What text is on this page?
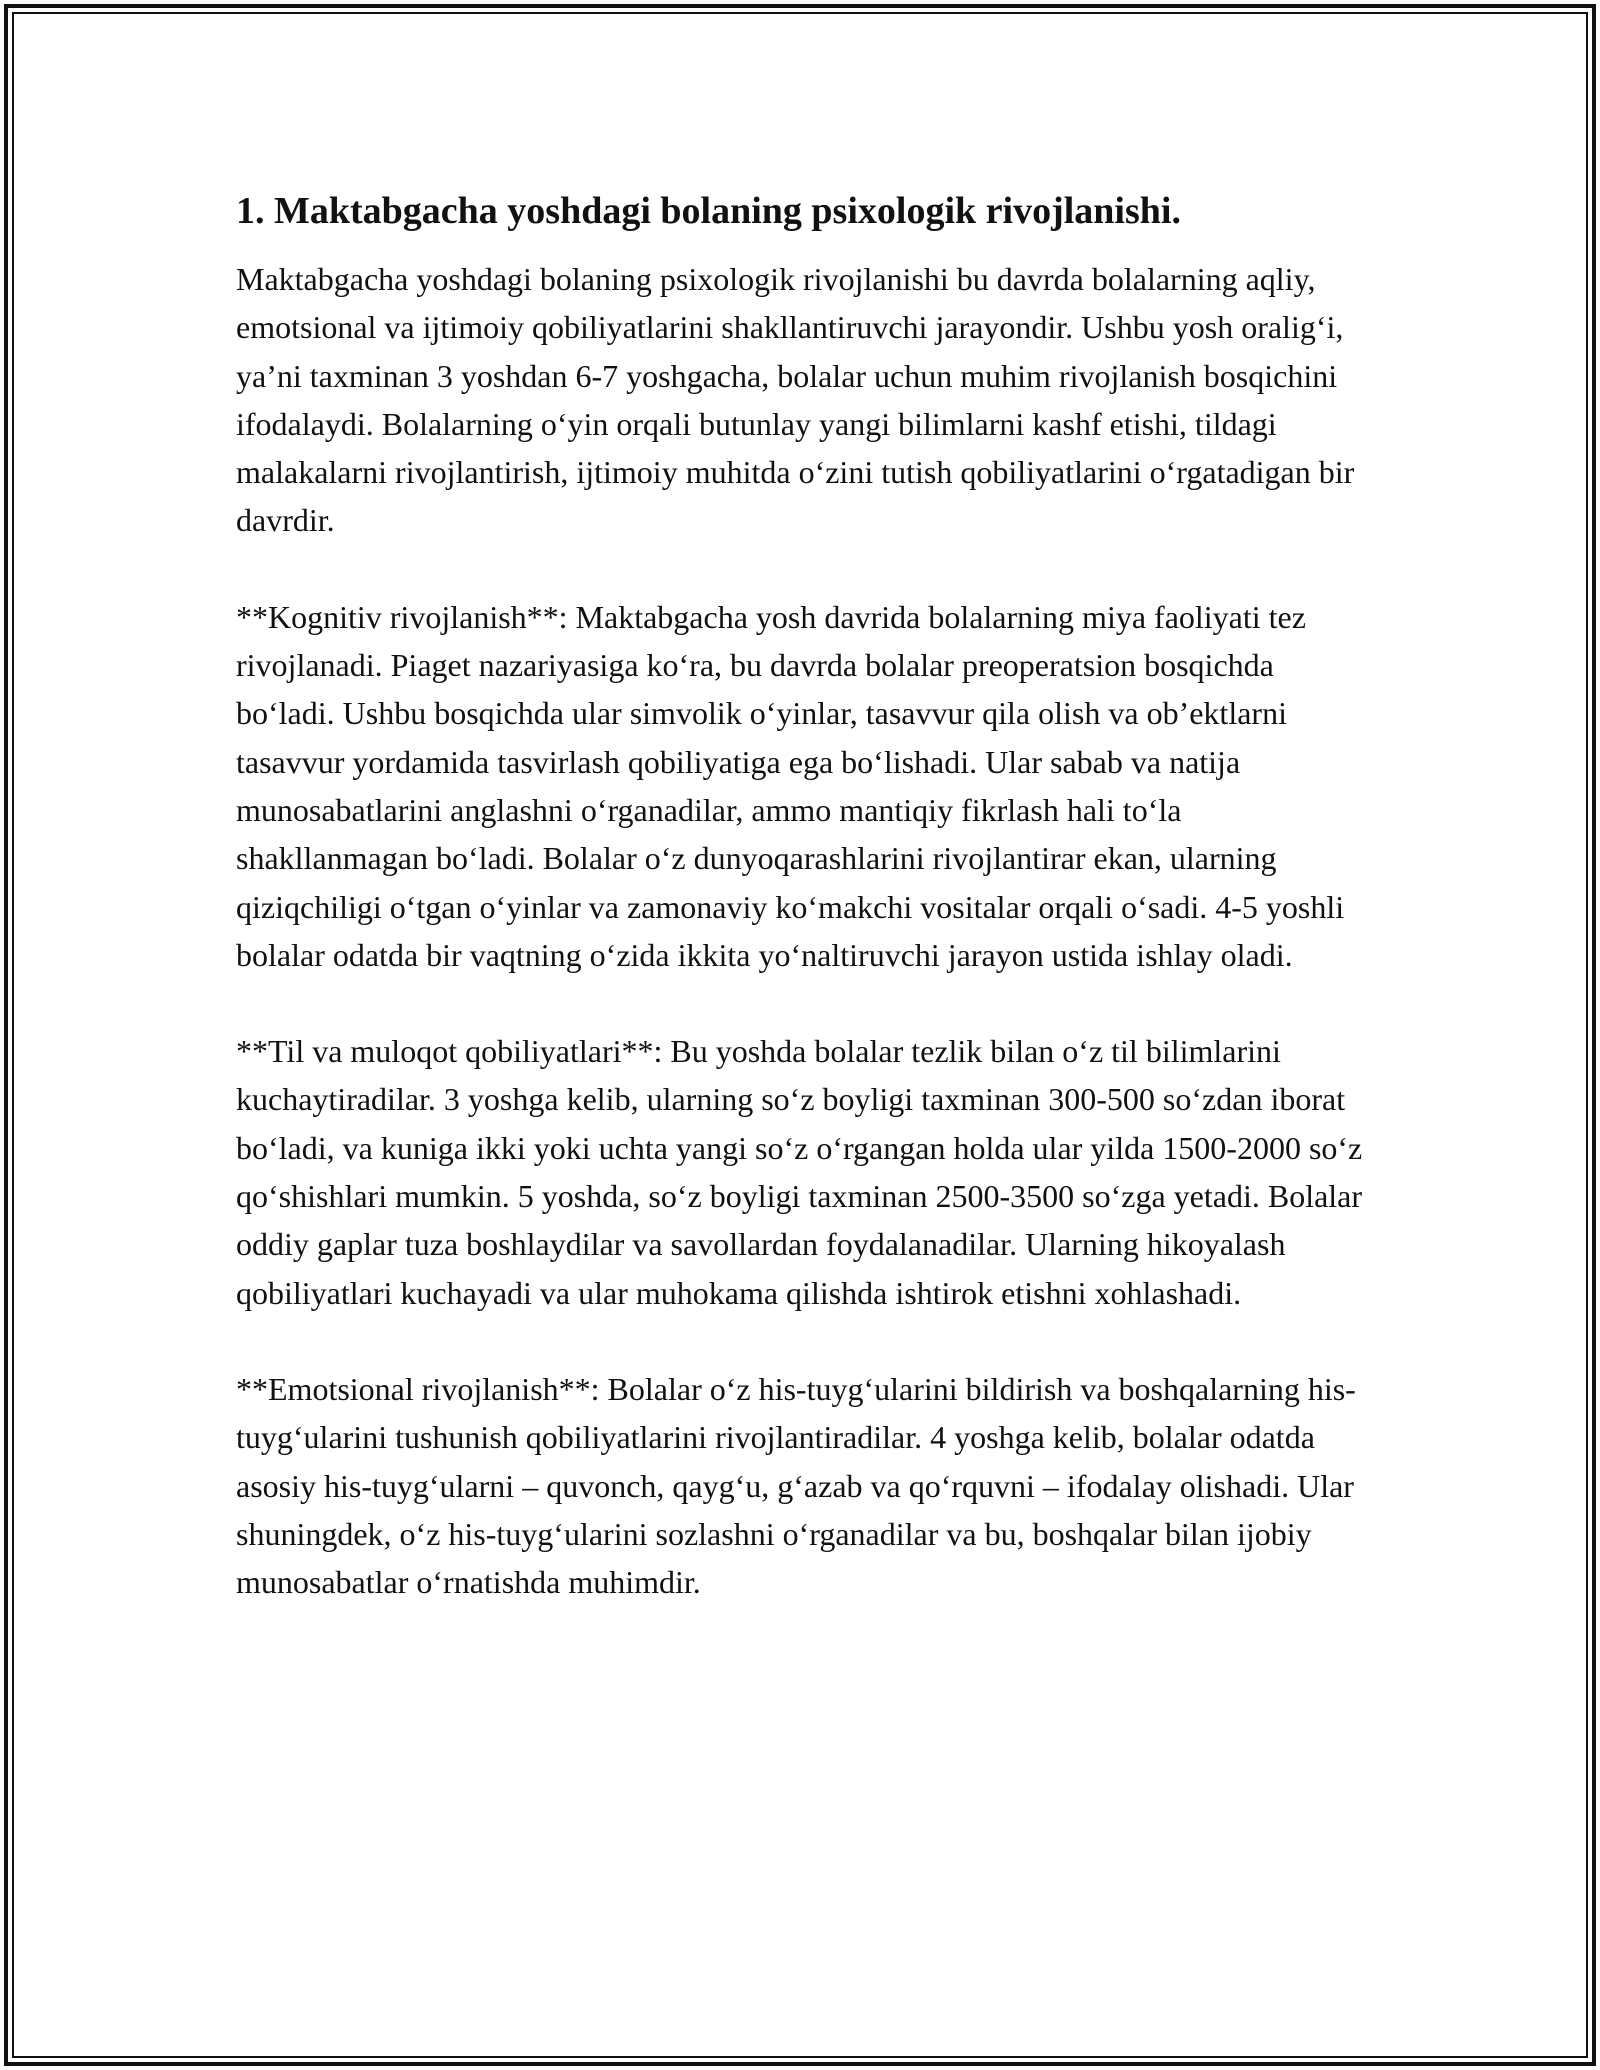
1. Maktabgacha yoshdagi bolaning psixologik rivojlanishi.

Maktabgacha yoshdagi bolaning psixologik rivojlanishi bu davrda bolalarning aqliy, emotsional va ijtimoiy qobiliyatlarini shakllantiruvchi jarayondir. Ushbu yosh oralig‘i, ya’ni taxminan 3 yoshdan 6-7 yoshgacha, bolalar uchun muhim rivojlanish bosqichini ifodalaydi. Bolalarning o‘yin orqali butunlay yangi bilimlarni kashf etishi, tildagi malakalarni rivojlantirish, ijtimoiy muhitda o‘zini tutish qobiliyatlarini o‘rgatadigan bir davrdir.

**Kognitiv rivojlanish**: Maktabgacha yosh davrida bolalarning miya faoliyati tez rivojlanadi. Piaget nazariyasiga ko‘ra, bu davrda bolalar preoperatsion bosqichda bo‘ladi. Ushbu bosqichda ular simvolik o‘yinlar, tasavvur qila olish va ob’ektlarni tasavvur yordamida tasvirlash qobiliyatiga ega bo‘lishadi. Ular sabab va natija munosabatlarini anglashni o‘rganadilar, ammo mantiqiy fikrlash hali to‘la shakllanmagan bo‘ladi. Bolalar o‘z dunyoqarashlarini rivojlantirar ekan, ularning qiziqchiligi o‘tgan o‘yinlar va zamonaviy ko‘makchi vositalar orqali o‘sadi. 4-5 yoshli bolalar odatda bir vaqtning o‘zida ikkita yo‘naltiruvchi jarayon ustida ishlay oladi.

**Til va muloqot qobiliyatlari**: Bu yoshda bolalar tezlik bilan o‘z til bilimlarini kuchaytiradilar. 3 yoshga kelib, ularning so‘z boyligi taxminan 300-500 so‘zdan iborat bo‘ladi, va kuniga ikki yoki uchta yangi so‘z o‘rgangan holda ular yilda 1500-2000 so‘z qo‘shishlari mumkin. 5 yoshda, so‘z boyligi taxminan 2500-3500 so‘zga yetadi. Bolalar oddiy gaplar tuza boshlaydilar va savollardan foydalanadilar. Ularning hikoyalash qobiliyatlari kuchayadi va ular muhokama qilishda ishtirok etishni xohlashadi.

**Emotsional rivojlanish**: Bolalar o‘z his-tuyg‘ularini bildirish va boshqalarning his-tuyg‘ularini tushunish qobiliyatlarini rivojlantiradilar. 4 yoshga kelib, bolalar odatda asosiy his-tuyg‘ularni – quvonch, qayg‘u, g‘azab va qo‘rquvni – ifodalay olishadi. Ular shuningdek, o‘z his-tuyg‘ularini sozlashni o‘rganadilar va bu, boshqalar bilan ijobiy munosabatlar o‘rnatishda muhimdir.
